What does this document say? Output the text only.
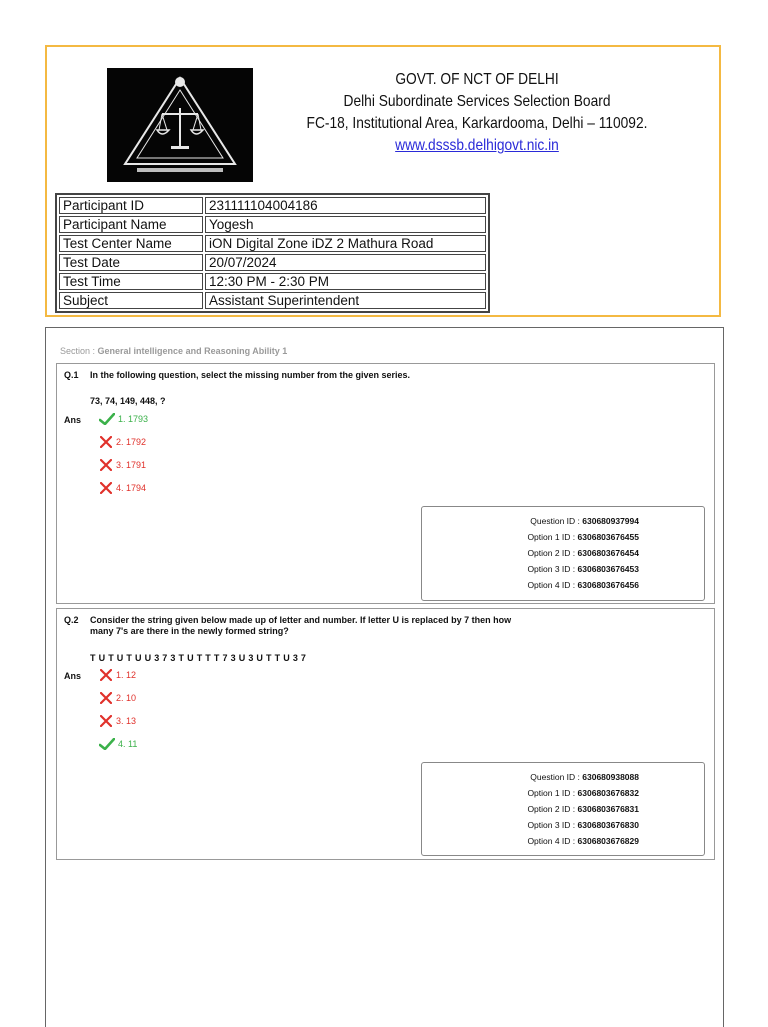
GOVT. OF NCT OF DELHI
Delhi Subordinate Services Selection Board
FC-18, Institutional Area, Karkardooma, Delhi – 110092.
www.dsssb.delhigovt.nic.in
Participant ID	231111104004186
Participant Name	Yogesh
Test Center Name	iON Digital Zone iDZ 2 Mathura Road
Test Date	20/07/2024
Test Time	12:30 PM - 2:30 PM
Subject	Assistant Superintendent
Section : General intelligence and Reasoning Ability 1
Q.1 In the following question, select the missing number from the given series.
73, 74, 149, 448, ?
Ans	1. 1793
2. 1792
3. 1791
4. 1794
Question ID : 630680937994
Option 1 ID : 6306803676455
Option 2 ID : 6306803676454
Option 3 ID : 6306803676453
Option 4 ID : 6306803676456
Q.2 Consider the string given below made up of letter and number. If letter U is replaced by 7 then how many 7's are there in the newly formed string?
T U T U T U U 3 7 3 T U T T T 7 3 U 3 U T T U 3 7
Ans	1. 12
2. 10
3. 13
4. 11
Question ID : 630680938088
Option 1 ID : 6306803676832
Option 2 ID : 6306803676831
Option 3 ID : 6306803676830
Option 4 ID : 6306803676829
